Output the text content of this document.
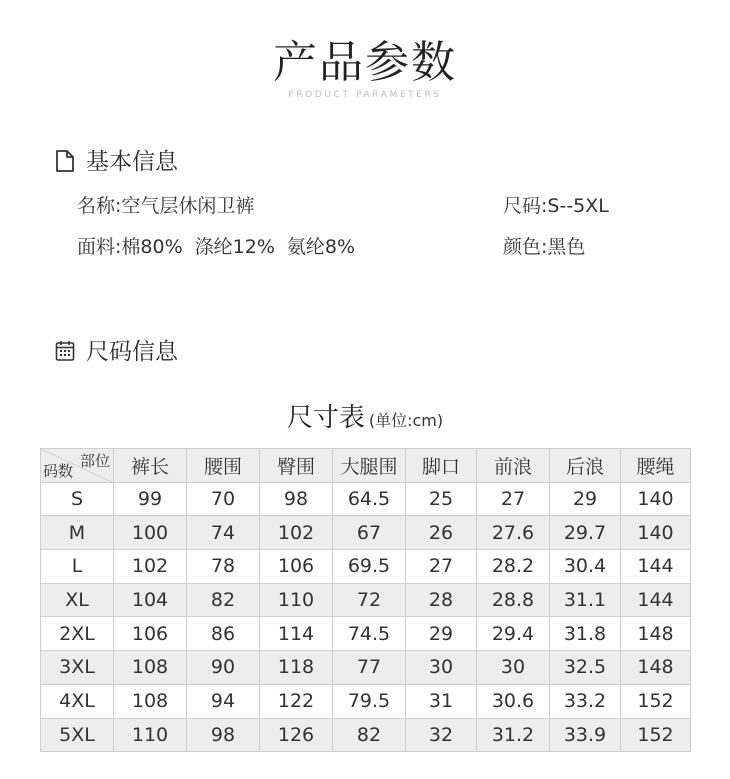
产品参数
PRODUCT PARAMETERS
基本信息
名称:空气层休闲卫裤	尺码:S--5XL
面料:棉80% 涤纶12% 氨纶8%	颜色:黑色
尺码信息
尺寸表 (单位:cm)
部位
码数	裤长	腰围	臀围	大腿围	脚口	前浪	后浪	腰绳
S	99	70	98	64.5	25	27	29	140
M	100	74	102	67	26	27.6	29.7	140
L	102	78	106	69.5	27	28.2	30.4	144
XL	104	82	110	72	28	28.8	31.1	144
2XL	106	86	114	74.5	29	29.4	31.8	148
3XL	108	90	118	77	30	30	32.5	148
4XL	108	94	122	79.5	31	30.6	33.2	152
5XL	110	98	126	82	32	31.2	33.9	152
